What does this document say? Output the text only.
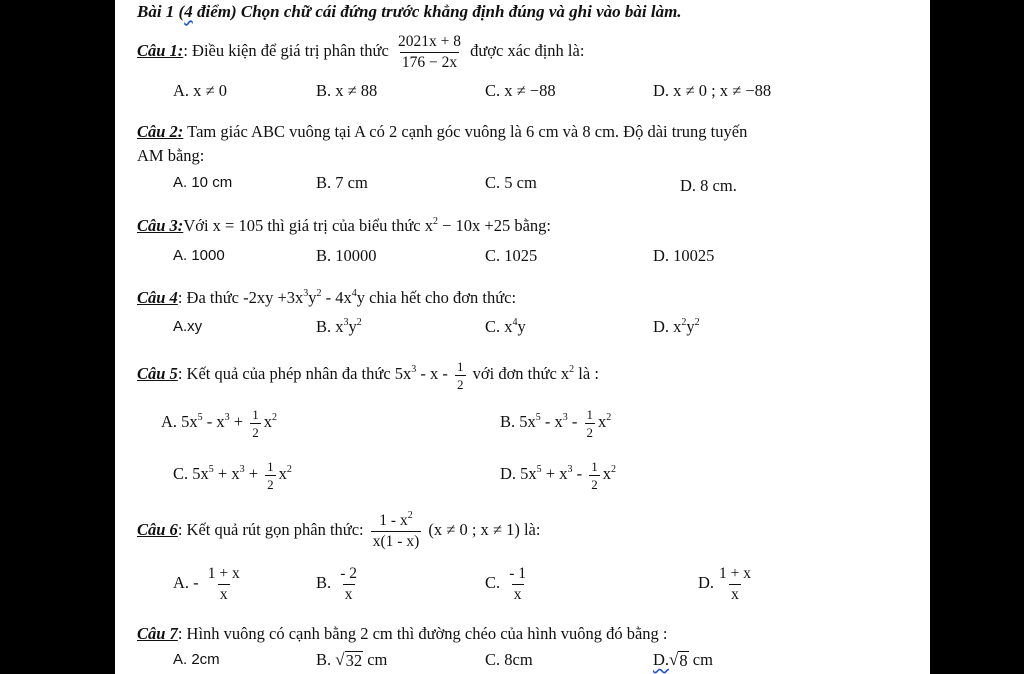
Bài 1 (4 điểm) Chọn chữ cái đứng trước khẳng định đúng và ghi vào bài làm.
Câu 1:: Điều kiện để giá trị phân thức $\frac{2021x + 8}{176 - 2x}$ được xác định là:
A. x ≠ 0	B. x ≠ 88	C. x ≠ −88	D. x ≠ 0 ; x ≠ −88
Câu 2: Tam giác ABC vuông tại A có 2 cạnh góc vuông là 6 cm và 8 cm. Độ dài trung tuyến
AM bằng:
A. 10 cm	B. 7 cm	C. 5 cm	D. 8 cm.
Câu 3:Với x = 105 thì giá trị của biểu thức $x^2 - 10x +25$ bằng:
A. 1000	B. 10000	C. 1025	D. 10025
Câu 4: Đa thức $-2xy +3x^3y^2 - 4x^4y$ chia hết cho đơn thức:
A.xy	B. $x^3y^2$	C. $x^4y$	D. $x^2y^2$
Câu 5: Kết quả của phép nhân đa thức $5x^3$ - x - $\frac{1}{2}$ với đơn thức $x^2$ là :
A. $5x^5 - x^3 + \frac{1}{2} x^2$	B. $5x^5 - x^3 - \frac{1}{2} x^2$
C. $5x^5 + x^3 + \frac{1}{2} x^2$	D. $5x^5 + x^3 - \frac{1}{2} x^2$
Câu 6: Kết quả rút gọn phân thức: $\frac{1 - x^2}{x(1 - x)} (x \ne 0$ ; x ≠ 1) là:
A. - $\frac{1 + x}{x}$	B. $\frac{- 2}{x}$	C. $\frac{- 1}{x}$	D. $\frac{1 + x}{x}$
Câu 7: Hình vuông có cạnh bằng 2 cm thì đường chéo của hình vuông đó bằng :
A. 2cm	B. √ 32 cm	C. 8cm	D. √ 8 cm
